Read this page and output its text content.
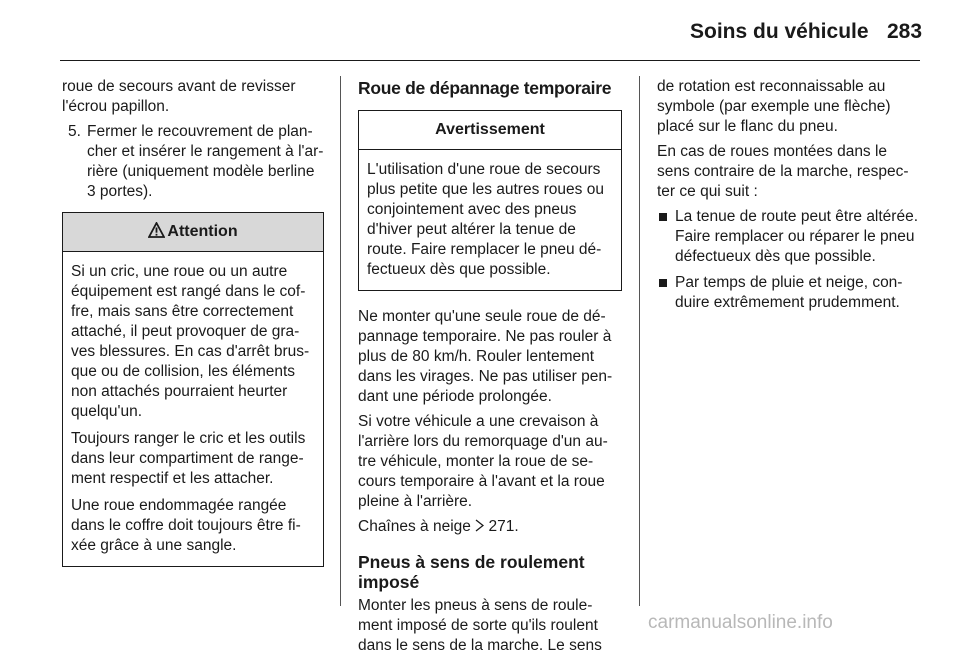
Soins du véhicule 283

roue de secours avant de revisser l'écrou papillon.

5. Fermer le recouvrement de plan-cher et insérer le rangement à l'ar-rière (uniquement modèle berline 3 portes).
Attention

Si un cric, une roue ou un autre équipement est rangé dans le cof-fre, mais sans être correctement attaché, il peut provoquer de gra-ves blessures. En cas d'arrêt brus-que ou de collision, les éléments non attachés pourraient heurter quelqu'un.

Toujours ranger le cric et les outils dans leur compartiment de range-ment respectif et les attacher.

Une roue endommagée rangée dans le coffre doit toujours être fi-xée grâce à une sangle.

Roue de dépannage temporaire
Avertissement

L'utilisation d'une roue de secours plus petite que les autres roues ou conjointement avec des pneus d'hiver peut altérer la tenue de route. Faire remplacer le pneu dé-fectueux dès que possible.

Ne monter qu'une seule roue de dé-pannage temporaire. Ne pas rouler à plus de 80 km/h. Rouler lentement dans les virages. Ne pas utiliser pen-dant une période prolongée.

Si votre véhicule a une crevaison à l'arrière lors du remorquage d'un au-tre véhicule, monter la roue de se-cours temporaire à l'avant et la roue pleine à l'arrière.

Chaînes à neige 271.

Pneus à sens de roulement imposé

Monter les pneus à sens de roule-ment imposé de sorte qu'ils roulent dans le sens de la marche. Le sens

de rotation est reconnaissable au symbole (par exemple une flèche) placé sur le flanc du pneu.

En cas de roues montées dans le sens contraire de la marche, respec-ter ce qui suit :

La tenue de route peut être altérée. Faire remplacer ou réparer le pneu défectueux dès que possible.
Par temps de pluie et neige, con-duire extrêmement prudemment.
carmanualsonline.info
